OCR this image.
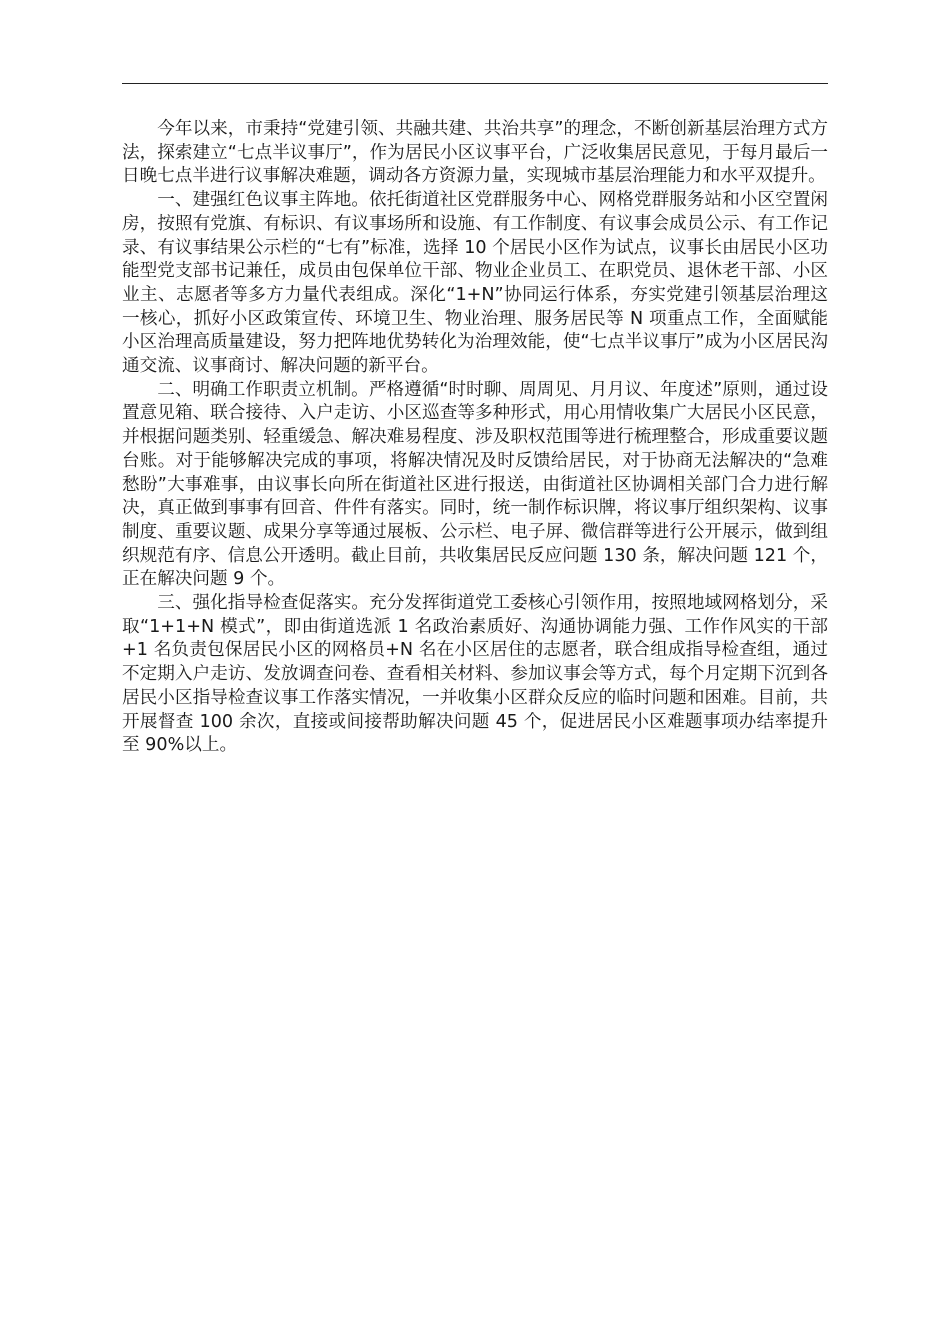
今年以来，市秉持“党建引领、共融共建、共治共享”的理念，不断创新基层治理方式方法，探索建立“七点半议事厅”，作为居民小区议事平台，广泛收集居民意见，于每月最后一日晚七点半进行议事解决难题，调动各方资源力量，实现城市基层治理能力和水平双提升。

一、建强红色议事主阵地。依托街道社区党群服务中心、网格党群服务站和小区空置闲房，按照有党旗、有标识、有议事场所和设施、有工作制度、有议事会成员公示、有工作记录、有议事结果公示栏的“七有”标准，选择 10 个居民小区作为试点，议事长由居民小区功能型党支部书记兼任，成员由包保单位干部、物业企业员工、在职党员、退休老干部、小区业主、志愿者等多方力量代表组成。深化“1+N”协同运行体系，夯实党建引领基层治理这一核心，抓好小区政策宣传、环境卫生、物业治理、服务居民等 N 项重点工作，全面赋能小区治理高质量建设，努力把阵地优势转化为治理效能，使“七点半议事厅”成为小区居民沟通交流、议事商讨、解决问题的新平台。

二、明确工作职责立机制。严格遵循“时时聊、周周见、月月议、年度述”原则，通过设置意见箱、联合接待、入户走访、小区巡查等多种形式，用心用情收集广大居民小区民意，并根据问题类别、轻重缓急、解决难易程度、涉及职权范围等进行梳理整合，形成重要议题台账。对于能够解决完成的事项，将解决情况及时反馈给居民，对于协商无法解决的“急难愁盼”大事难事，由议事长向所在街道社区进行报送，由街道社区协调相关部门合力进行解决，真正做到事事有回音、件件有落实。同时，统一制作标识牌，将议事厅组织架构、议事制度、重要议题、成果分享等通过展板、公示栏、电子屏、微信群等进行公开展示，做到组织规范有序、信息公开透明。截止目前，共收集居民反应问题 130 条，解决问题 121 个，正在解决问题 9 个。

三、强化指导检查促落实。充分发挥街道党工委核心引领作用，按照地域网格划分，采取“1+1+N 模式”，即由街道选派 1 名政治素质好、沟通协调能力强、工作作风实的干部+1 名负责包保居民小区的网格员+N 名在小区居住的志愿者，联合组成指导检查组，通过不定期入户走访、发放调查问卷、查看相关材料、参加议事会等方式，每个月定期下沉到各居民小区指导检查议事工作落实情况，一并收集小区群众反应的临时问题和困难。目前，共开展督查 100 余次，直接或间接帮助解决问题 45 个，促进居民小区难题事项办结率提升至 90%以上。
